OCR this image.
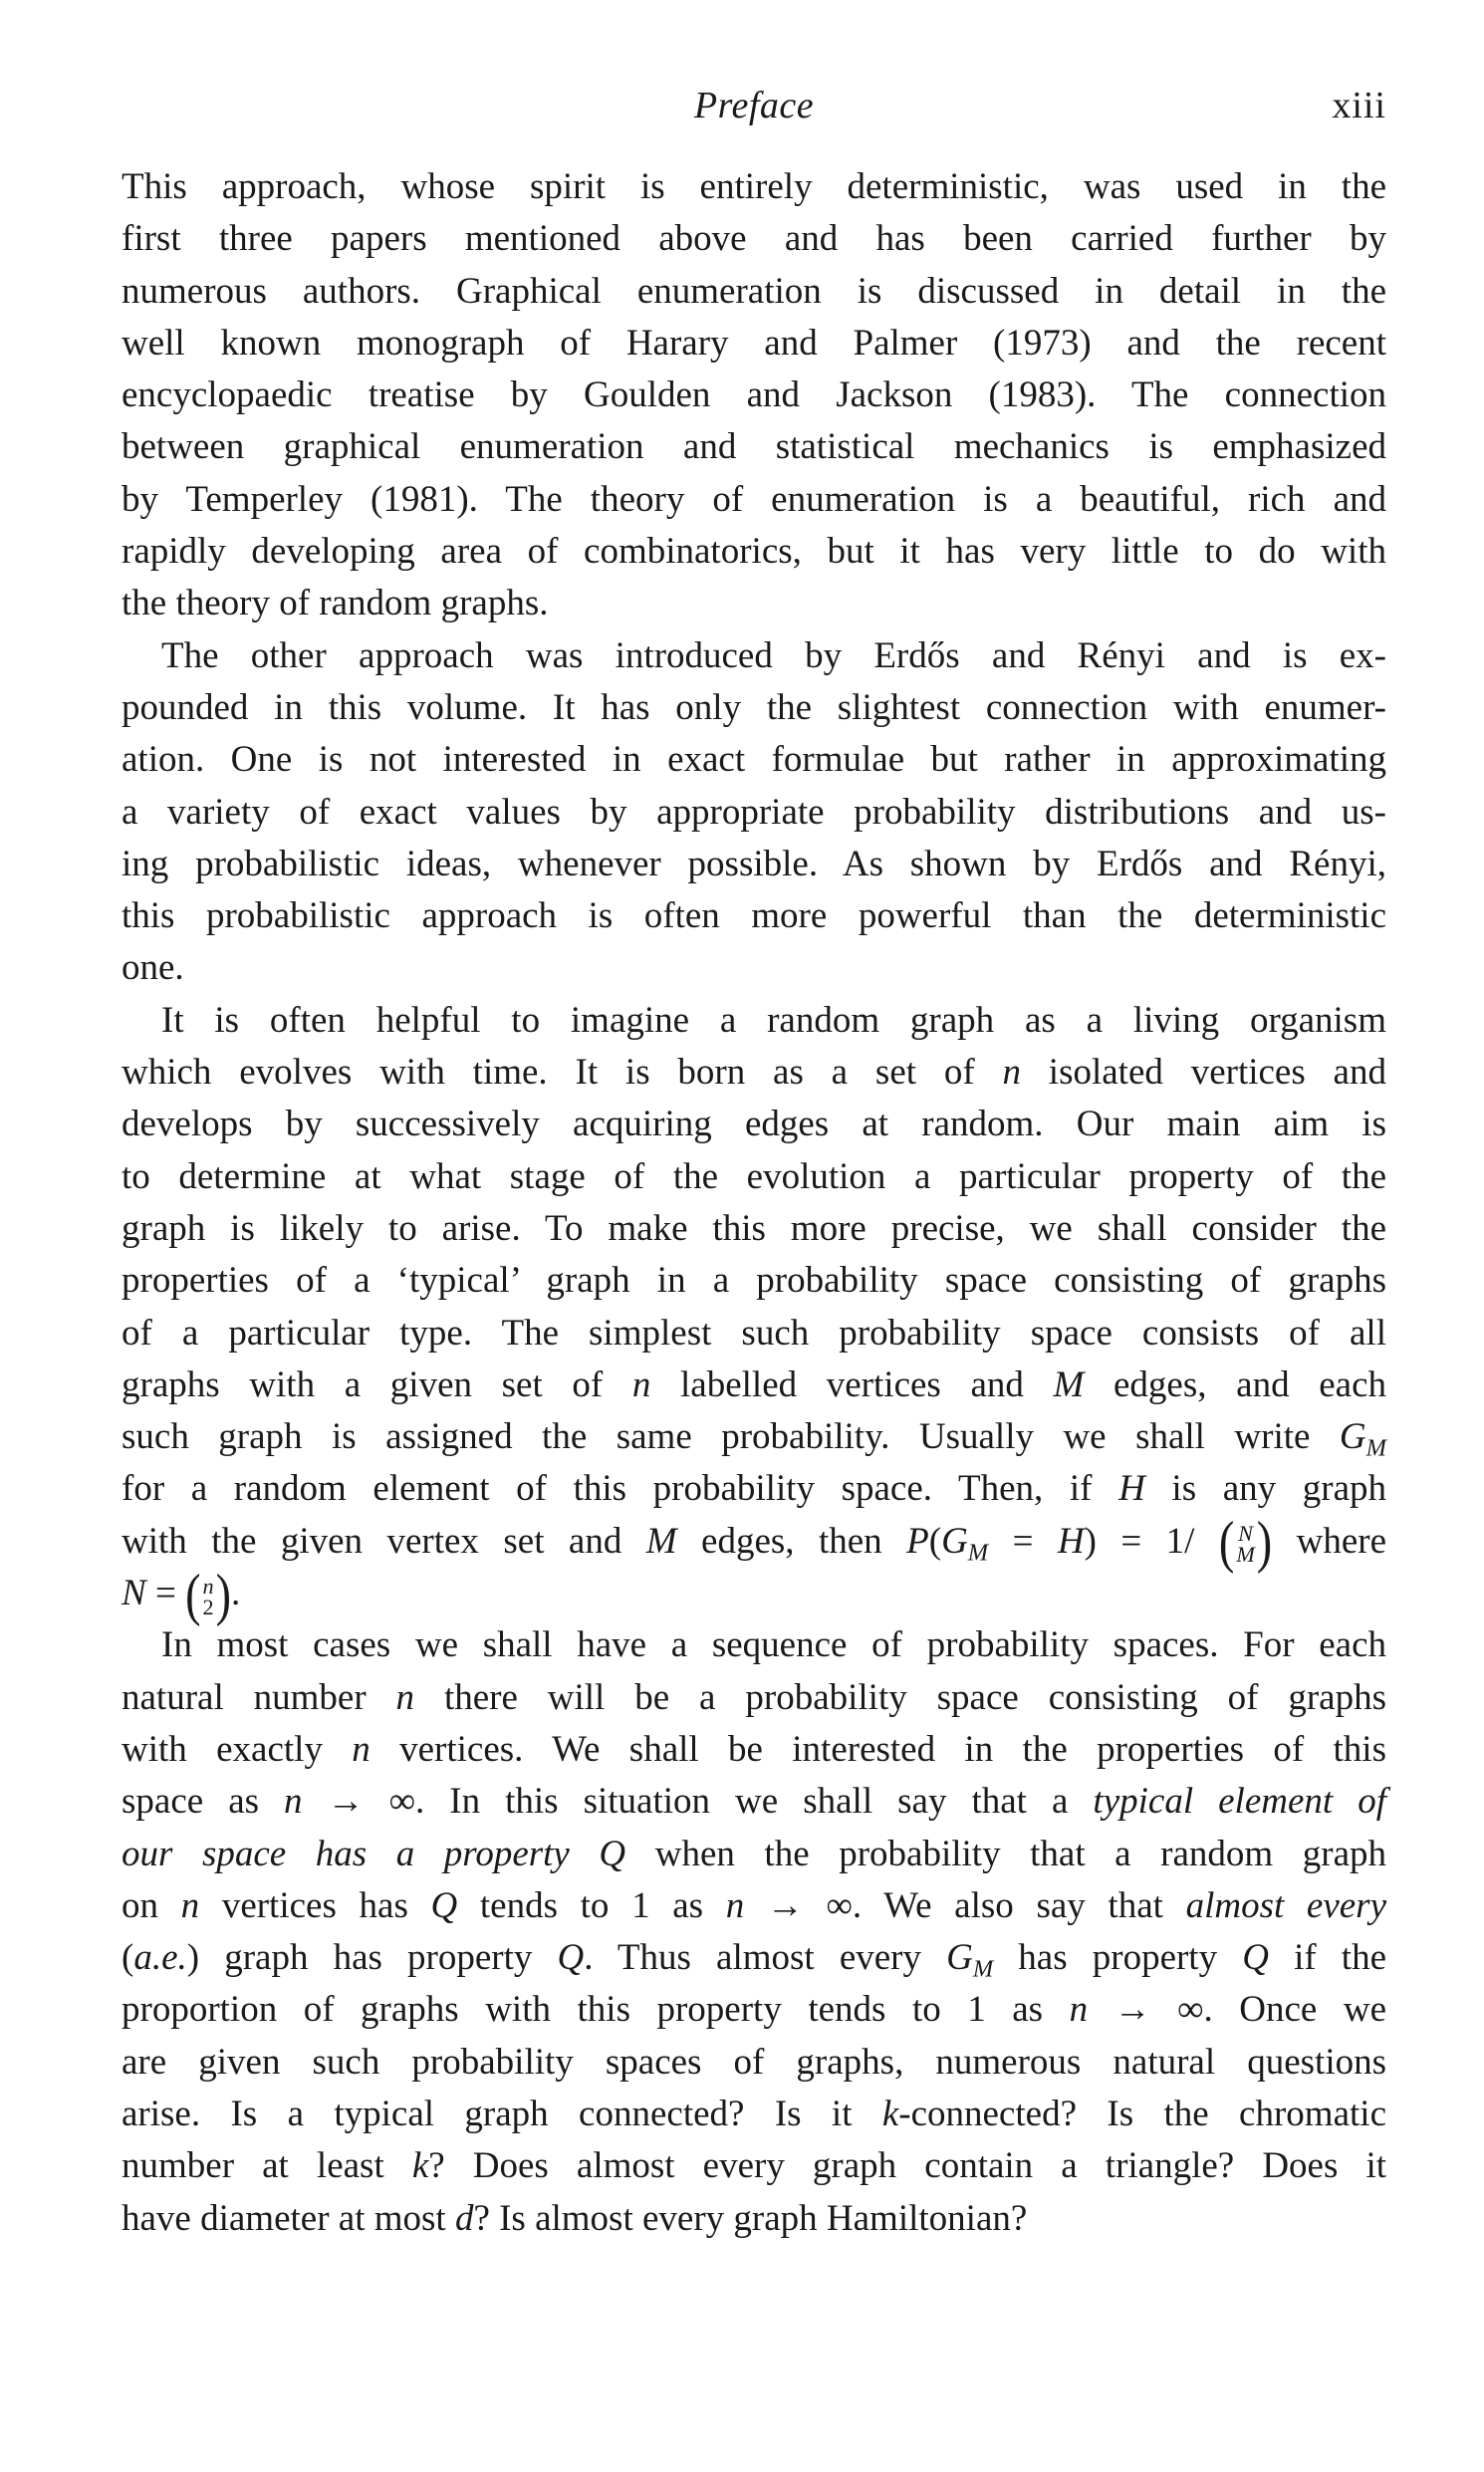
Preface	xiii

This approach, whose spirit is entirely deterministic, was used in the
first three papers mentioned above and has been carried further by
numerous authors. Graphical enumeration is discussed in detail in the
well known monograph of Harary and Palmer (1973) and the recent
encyclopaedic treatise by Goulden and Jackson (1983). The connection
between graphical enumeration and statistical mechanics is emphasized
by Temperley (1981). The theory of enumeration is a beautiful, rich and
rapidly developing area of combinatorics, but it has very little to do with
the theory of random graphs.

The other approach was introduced by Erdős and Rényi and is ex-
pounded in this volume. It has only the slightest connection with enumer-
ation. One is not interested in exact formulae but rather in approximating
a variety of exact values by appropriate probability distributions and us-
ing probabilistic ideas, whenever possible. As shown by Erdős and Rényi,
this probabilistic approach is often more powerful than the deterministic
one.

It is often helpful to imagine a random graph as a living organism
which evolves with time. It is born as a set of n isolated vertices and
develops by successively acquiring edges at random. Our main aim is
to determine at what stage of the evolution a particular property of the
graph is likely to arise. To make this more precise, we shall consider the
properties of a ‘typical’ graph in a probability space consisting of graphs
of a particular type. The simplest such probability space consists of all
graphs with a given set of n labelled vertices and M edges, and each
such graph is assigned the same probability. Usually we shall write $G_M$
for a random element of this probability space. Then, if H is any graph
with the given vertex set and M edges, then $P(G_M = H) = 1/$ ( N
M ) where
N = ( n
2 ) .

In most cases we shall have a sequence of probability spaces. For each
natural number n there will be a probability space consisting of graphs
with exactly n vertices. We shall be interested in the properties of this
space as n → ∞. In this situation we shall say that a typical element of
our space has a property Q when the probability that a random graph
on n vertices has Q tends to 1 as n → ∞. We also say that almost every
(a.e.) graph has property Q. Thus almost every $G_M$ has property Q if the
proportion of graphs with this property tends to 1 as n → ∞. Once we
are given such probability spaces of graphs, numerous natural questions
arise. Is a typical graph connected? Is it k-connected? Is the chromatic
number at least k? Does almost every graph contain a triangle? Does it
have diameter at most d? Is almost every graph Hamiltonian?
